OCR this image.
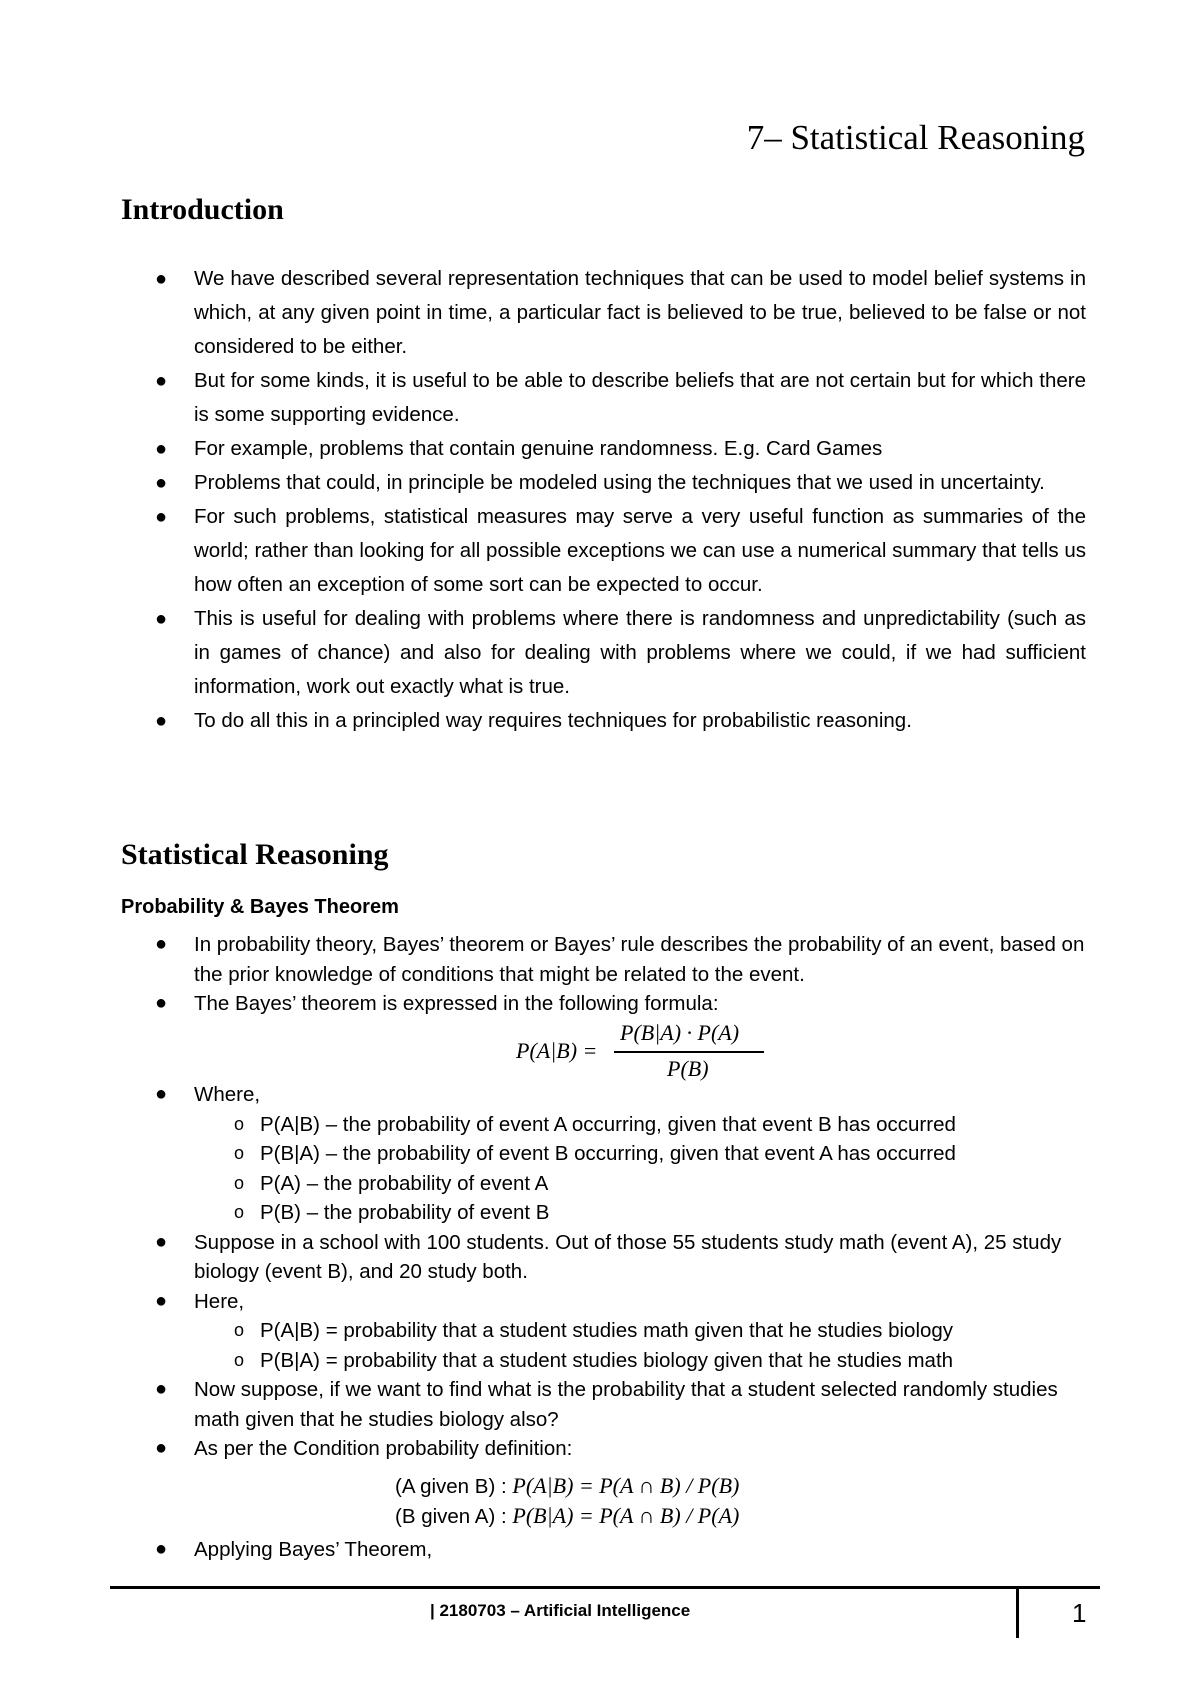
7– Statistical Reasoning
Introduction
● We have described several representation techniques that can be used to model belief systems in which, at any given point in time, a particular fact is believed to be true, believed to be false or not considered to be either.
● But for some kinds, it is useful to be able to describe beliefs that are not certain but for which there is some supporting evidence.
● For example, problems that contain genuine randomness. E.g. Card Games
● Problems that could, in principle be modeled using the techniques that we used in uncertainty.
● For such problems, statistical measures may serve a very useful function as summaries of the world; rather than looking for all possible exceptions we can use a numerical summary that tells us how often an exception of some sort can be expected to occur.
● This is useful for dealing with problems where there is randomness and unpredictability (such as in games of chance) and also for dealing with problems where we could, if we had sufficient information, work out exactly what is true.
● To do all this in a principled way requires techniques for probabilistic reasoning.
Statistical Reasoning
Probability & Bayes Theorem
● In probability theory, Bayes’ theorem or Bayes’ rule describes the probability of an event, based on the prior knowledge of conditions that might be related to the event.
● The Bayes’ theorem is expressed in the following formula:
P(A|B) =
P(B|A) · P(A)
P(B)
● Where,
o P(A|B) – the probability of event A occurring, given that event B has occurred
o P(B|A) – the probability of event B occurring, given that event A has occurred
o P(A) – the probability of event A
o P(B) – the probability of event B
● Suppose in a school with 100 students. Out of those 55 students study math (event A), 25 study biology (event B), and 20 study both.
● Here,
o P(A|B) = probability that a student studies math given that he studies biology
o P(B|A) = probability that a student studies biology given that he studies math
● Now suppose, if we want to find what is the probability that a student selected randomly studies math given that he studies biology also?
● As per the Condition probability definition:
(A given B) : P(A|B) = P(A ∩ B) / P(B)
(B given A) : P(B|A) = P(A ∩ B) / P(A)
● Applying Bayes’ Theorem,
| 2180703 – Artificial Intelligence	1
